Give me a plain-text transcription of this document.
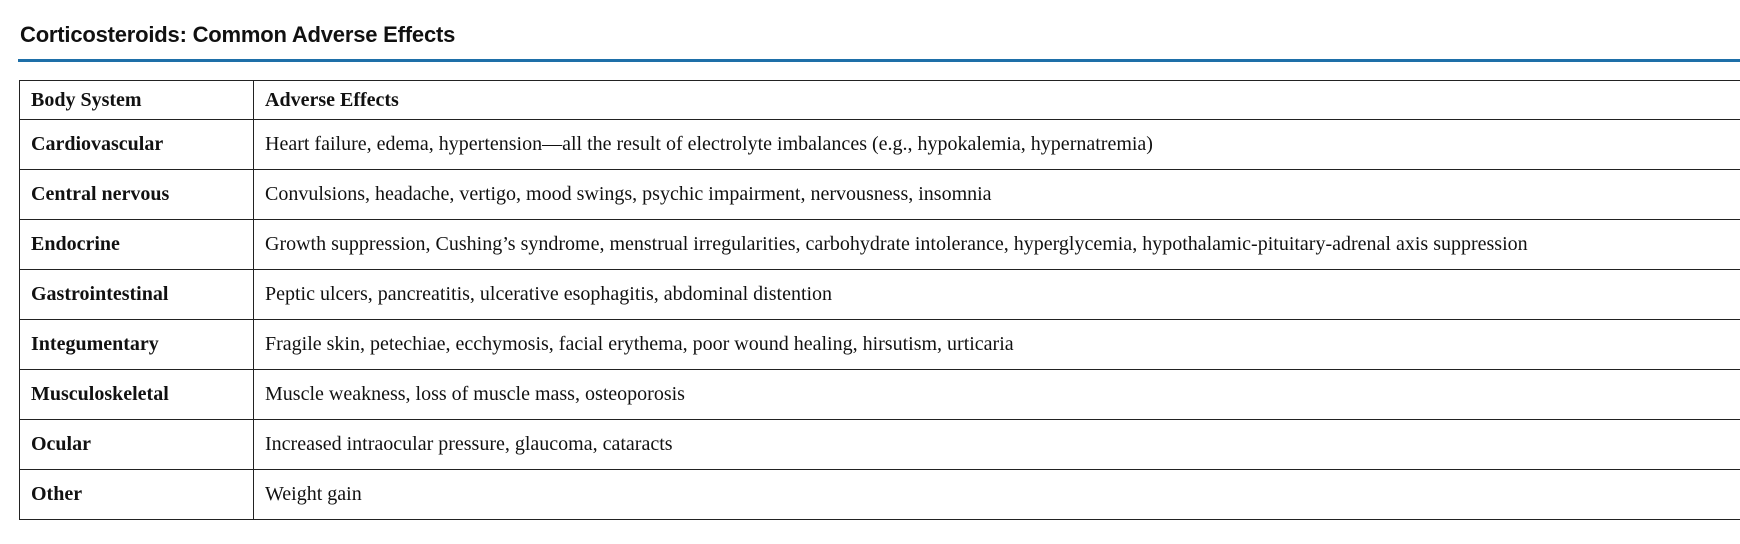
Corticosteroids: Common Adverse Effects
Body System	Adverse Effects
Cardiovascular	Heart failure, edema, hypertension—all the result of electrolyte imbalances (e.g., hypokalemia, hypernatremia)
Central nervous	Convulsions, headache, vertigo, mood swings, psychic impairment, nervousness, insomnia
Endocrine	Growth suppression, Cushing’s syndrome, menstrual irregularities, carbohydrate intolerance, hyperglycemia, hypothalamic-pituitary-adrenal axis suppression
Gastrointestinal	Peptic ulcers, pancreatitis, ulcerative esophagitis, abdominal distention
Integumentary	Fragile skin, petechiae, ecchymosis, facial erythema, poor wound healing, hirsutism, urticaria
Musculoskeletal	Muscle weakness, loss of muscle mass, osteoporosis
Ocular	Increased intraocular pressure, glaucoma, cataracts
Other	Weight gain
